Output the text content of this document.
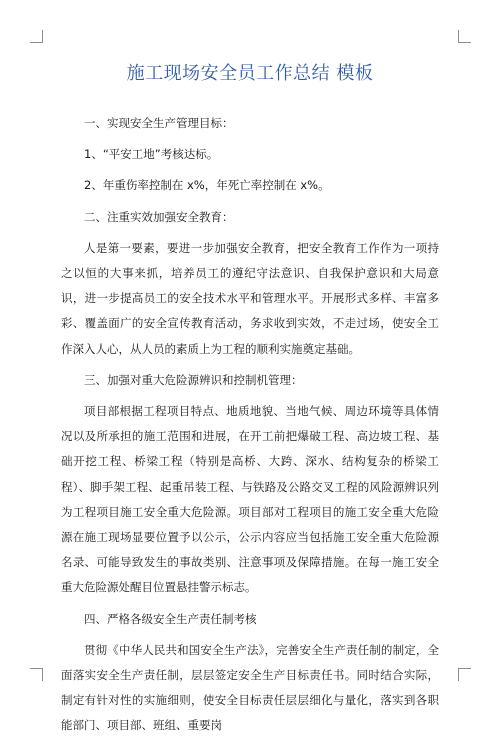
施工现场安全员工作总结 模板

一、实现安全生产管理目标：

1、“平安工地”考核达标。

2、年重伤率控制在 x%，年死亡率控制在 x%。

二、注重实效加强安全教育：

人是第一要素，要进一步加强安全教育，把安全教育工作作为一项持之以恒的大事来抓，培养员工的遵纪守法意识、自我保护意识和大局意识，进一步提高员工的安全技术水平和管理水平。开展形式多样、丰富多彩、覆盖面广的安全宣传教育活动，务求收到实效，不走过场，使安全工作深入人心，从人员的素质上为工程的顺利实施奠定基础。

三、加强对重大危险源辨识和控制机管理：

项目部根据工程项目特点、地质地貌、当地气候、周边环境等具体情况以及所承担的施工范围和进展，在开工前把爆破工程、高边坡工程、基础开挖工程、桥梁工程（特别是高桥、大跨、深水、结构复杂的桥梁工程）、脚手架工程、起重吊装工程、与铁路及公路交叉工程的风险源辨识列为工程项目施工安全重大危险源。项目部对工程项目的施工安全重大危险源在施工现场显要位置予以公示，公示内容应当包括施工安全重大危险源名录、可能导致发生的事故类别、注意事项及保障措施。在每一施工安全重大危险源处醒目位置悬挂警示标志。

四、严格各级安全生产责任制考核

贯彻《中华人民共和国安全生产法》，完善安全生产责任制的制定，全面落实安全生产责任制，层层签定安全生产目标责任书。同时结合实际，制定有针对性的实施细则，使安全目标责任层层细化与量化，落实到各职能部门、项目部、班组、重要岗
